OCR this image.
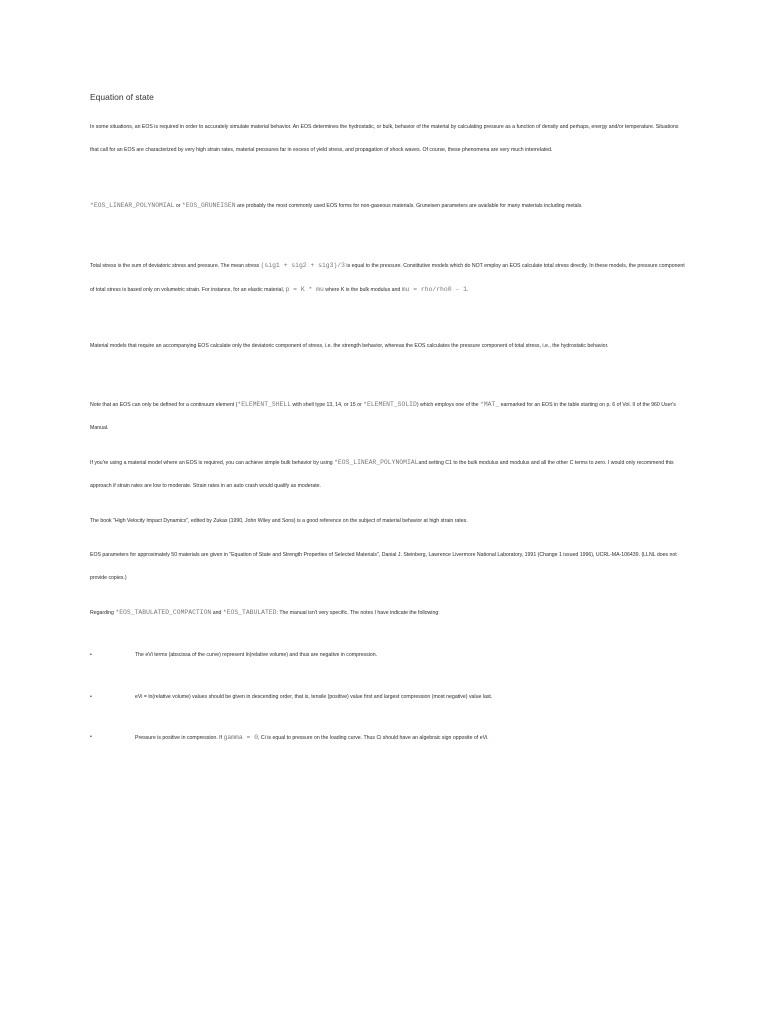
Equation of state

In some situations, an EOS is required in order to accurately simulate material behavior. An EOS determines the hydrostatic, or bulk, behavior of the material by calculating pressure as a function of density and perhaps, energy and/or temperature. Situations that call for an EOS are characterized by very high strain rates, material pressures far in excess of yield stress, and propagation of shock waves. Of course, these phenomena are very much interrelated.

*EOS_LINEAR_POLYNOMIAL or *EOS_GRUNEISEN are probably the most commonly used EOS forms for non-gaseous materials. Gruneisen parameters are available for many materials including metals.

Total stress is the sum of deviatoric stress and pressure. The mean stress (sig1 + sig2 + sig3)/3 is equal to the pressure. Constitutive models which do NOT employ an EOS calculate total stress directly. In these models, the pressure component of total stress is based only on volumetric strain. For instance, for an elastic material, p = K * mu where K is the bulk modulus and mu = rho/rho0 - 1.

Material models that require an accompanying EOS calculate only the deviatoric component of stress, i.e. the strength behavior, whereas the EOS calculates the pressure component of total stress, i.e., the hydrostatic behavior.

Note that an EOS can only be defined for a continuum element (*ELEMENT_SHELL with shell type 13, 14, or 15 or *ELEMENT_SOLID) which employs one of the *MAT_ earmarked for an EOS in the table starting on p. 6 of Vol. II of the 960 User's Manual.

If you're using a material model where an EOS is required, you can achieve simple bulk behavior by using *EOS_LINEAR_POLYNOMIALand setting C1 to the bulk modulus and modulus and all the other C terms to zero. I would only recommend this approach if strain rates are low to moderate. Strain rates in an auto crash would qualify as moderate.

The book "High Velocity Impact Dynamics", edited by Zukas (1990, John Wiley and Sons) is a good reference on the subject of material behavior at high strain rates.

EOS parameters for approximately 50 materials are given in "Equation of State and Strength Properties of Selected Materials", Danial J. Steinberg, Lawrence Livermore National Laboratory, 1991 (Change 1 issued 1996), UCRL-MA-106439. (LLNL does not provide copies.)

Regarding *EOS_TABULATED_COMPACTION and *EOS_TABULATED: The manual isn't very specific. The notes I have indicate the following:

•	The eVi terms (abscissa of the curve) represent ln(relative volume) and thus are negative in compression.
•	eVi = ln(relative volume) values should be given in descending order, that is, tensile (positive) value first and largest compression (most negative) value last.
•	Pressure is positive in compression. If gamma = 0, Ci is equal to pressure on the loading curve. Thus Ci should have an algebraic sign opposite of eVi.
